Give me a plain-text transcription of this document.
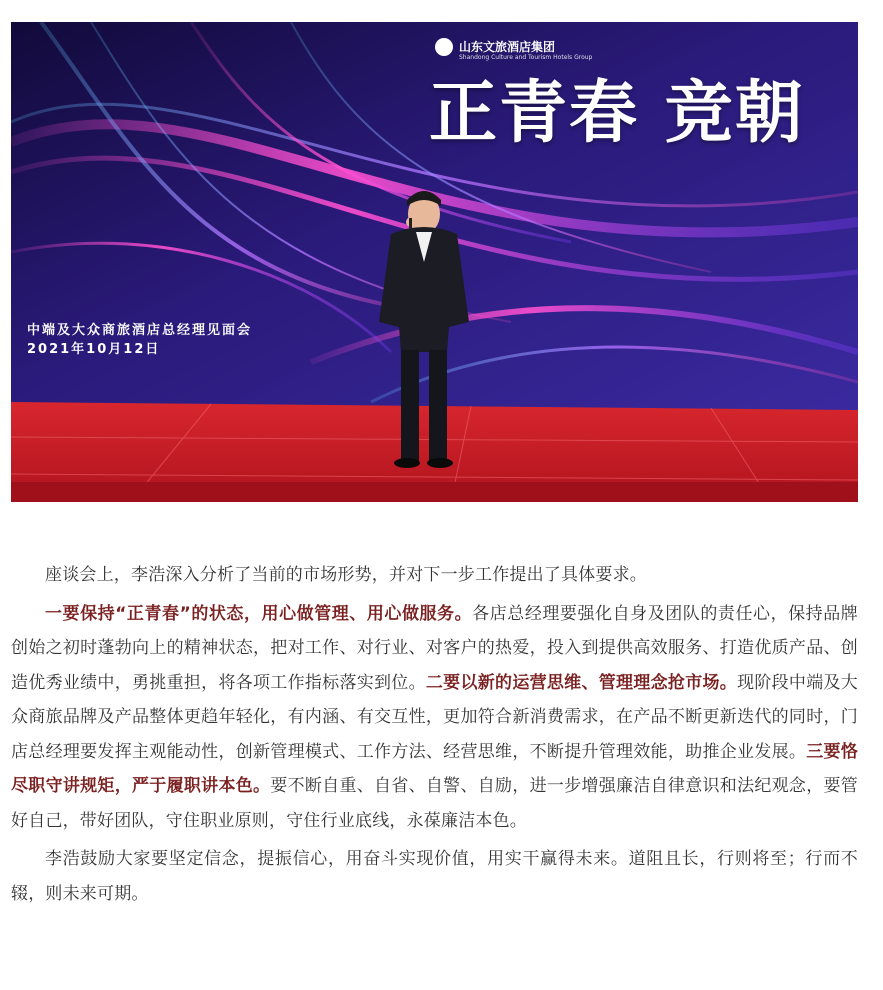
山东文旅酒店集团
Shandong Culture and Tourism Hotels Group
正青春 竞朝
中端及大众商旅酒店总经理见面会
2021年10月12日

座谈会上，李浩深入分析了当前的市场形势，并对下一步工作提出了具体要求。

一要保持“正青春”的状态，用心做管理、用心做服务。各店总经理要强化自身及团队的责任心，保持品牌创始之初时蓬勃向上的精神状态，把对工作、对行业、对客户的热爱，投入到提供高效服务、打造优质产品、创造优秀业绩中，勇挑重担，将各项工作指标落实到位。二要以新的运营思维、管理理念抢市场。现阶段中端及大众商旅品牌及产品整体更趋年轻化，有内涵、有交互性，更加符合新消费需求，在产品不断更新迭代的同时，门店总经理要发挥主观能动性，创新管理模式、工作方法、经营思维，不断提升管理效能，助推企业发展。三要恪尽职守讲规矩，严于履职讲本色。要不断自重、自省、自警、自励，进一步增强廉洁自律意识和法纪观念，要管好自己，带好团队，守住职业原则，守住行业底线，永葆廉洁本色。

李浩鼓励大家要坚定信念，提振信心，用奋斗实现价值，用实干赢得未来。道阻且长，行则将至；行而不辍，则未来可期。
